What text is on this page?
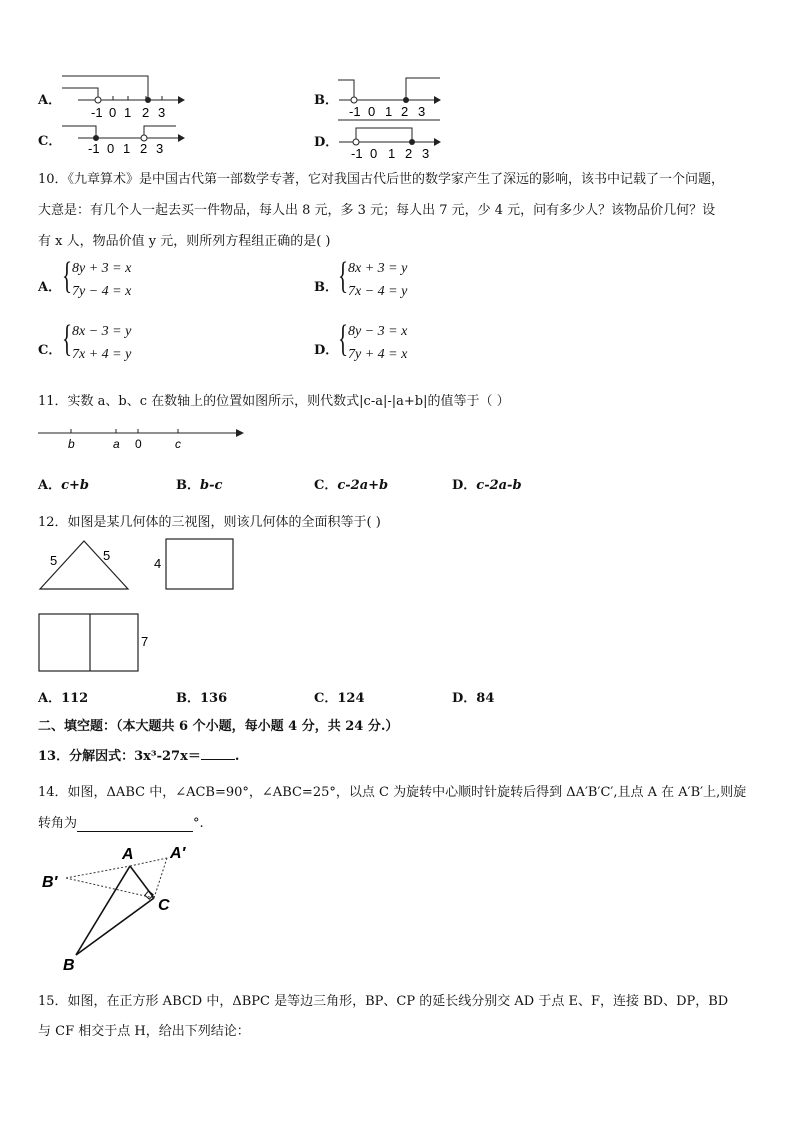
A．
-1 0 1 2 3
B．
-1 0 1 2 3
C． -1 0 1 2 3	D．
-1 0 1 2 3
10．《九章算术》是中国古代第一部数学专著，它对我国古代后世的数学家产生了深远的影响，该书中记载了一个问题，
大意是：有几个人一起去买一件物品，每人出 8 元，多 3 元；每人出 7 元，少 4 元，问有多少人？该物品价几何？设
有 x 人，物品价值 y 元，则所列方程组正确的是( )
A． { 8y + 3 = x
7y − 4 = x	B． { 8x + 3 = y
7x − 4 = y
C． { 8x − 3 = y
7x + 4 = y	D． { 8y − 3 = x
7y + 4 = x
11．实数 a、b、c 在数轴上的位置如图所示，则代数式|c-a|-|a+b|的值等于（ ）
b	a 0	c
A．c+b	B．b-c	C．c-2a+b	D．c-2a-b
12．如图是某几何体的三视图，则该几何体的全面积等于( )
5	5
4
7
A．112	B．136	C．124	D．84
二、填空题：（本大题共 6 个小题，每小题 4 分，共 24 分.）
13．分解因式：3x³-27x＝	.
14．如图，ΔABC 中，∠ACB=90°，∠ABC=25°，以点 C 为旋转中心顺时针旋转后得到 ΔA′B′C′,且点 A 在 A′B′上,则旋
转角为	°.
A A′
B′
C
B
15．如图，在正方形 ABCD 中，ΔBPC 是等边三角形，BP、CP 的延长线分别交 AD 于点 E、F，连接 BD、DP，BD
与 CF 相交于点 H，给出下列结论：
